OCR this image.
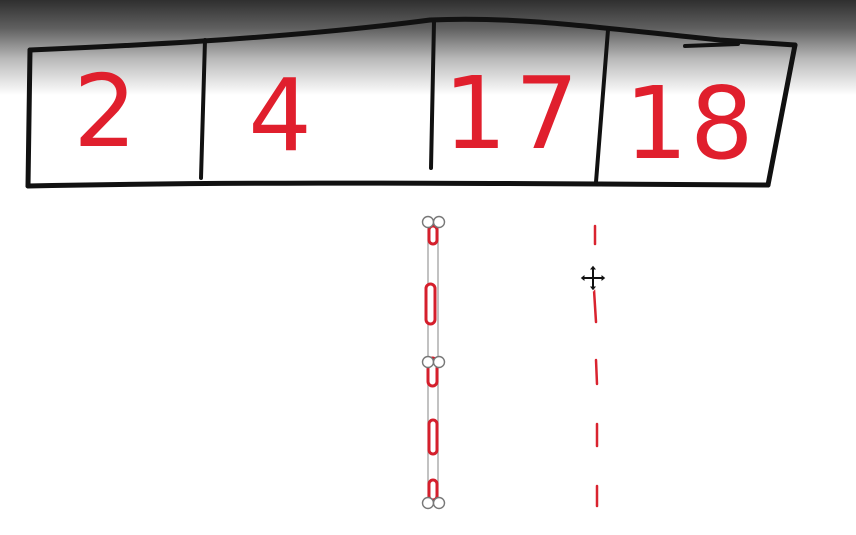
2 4 17 18
